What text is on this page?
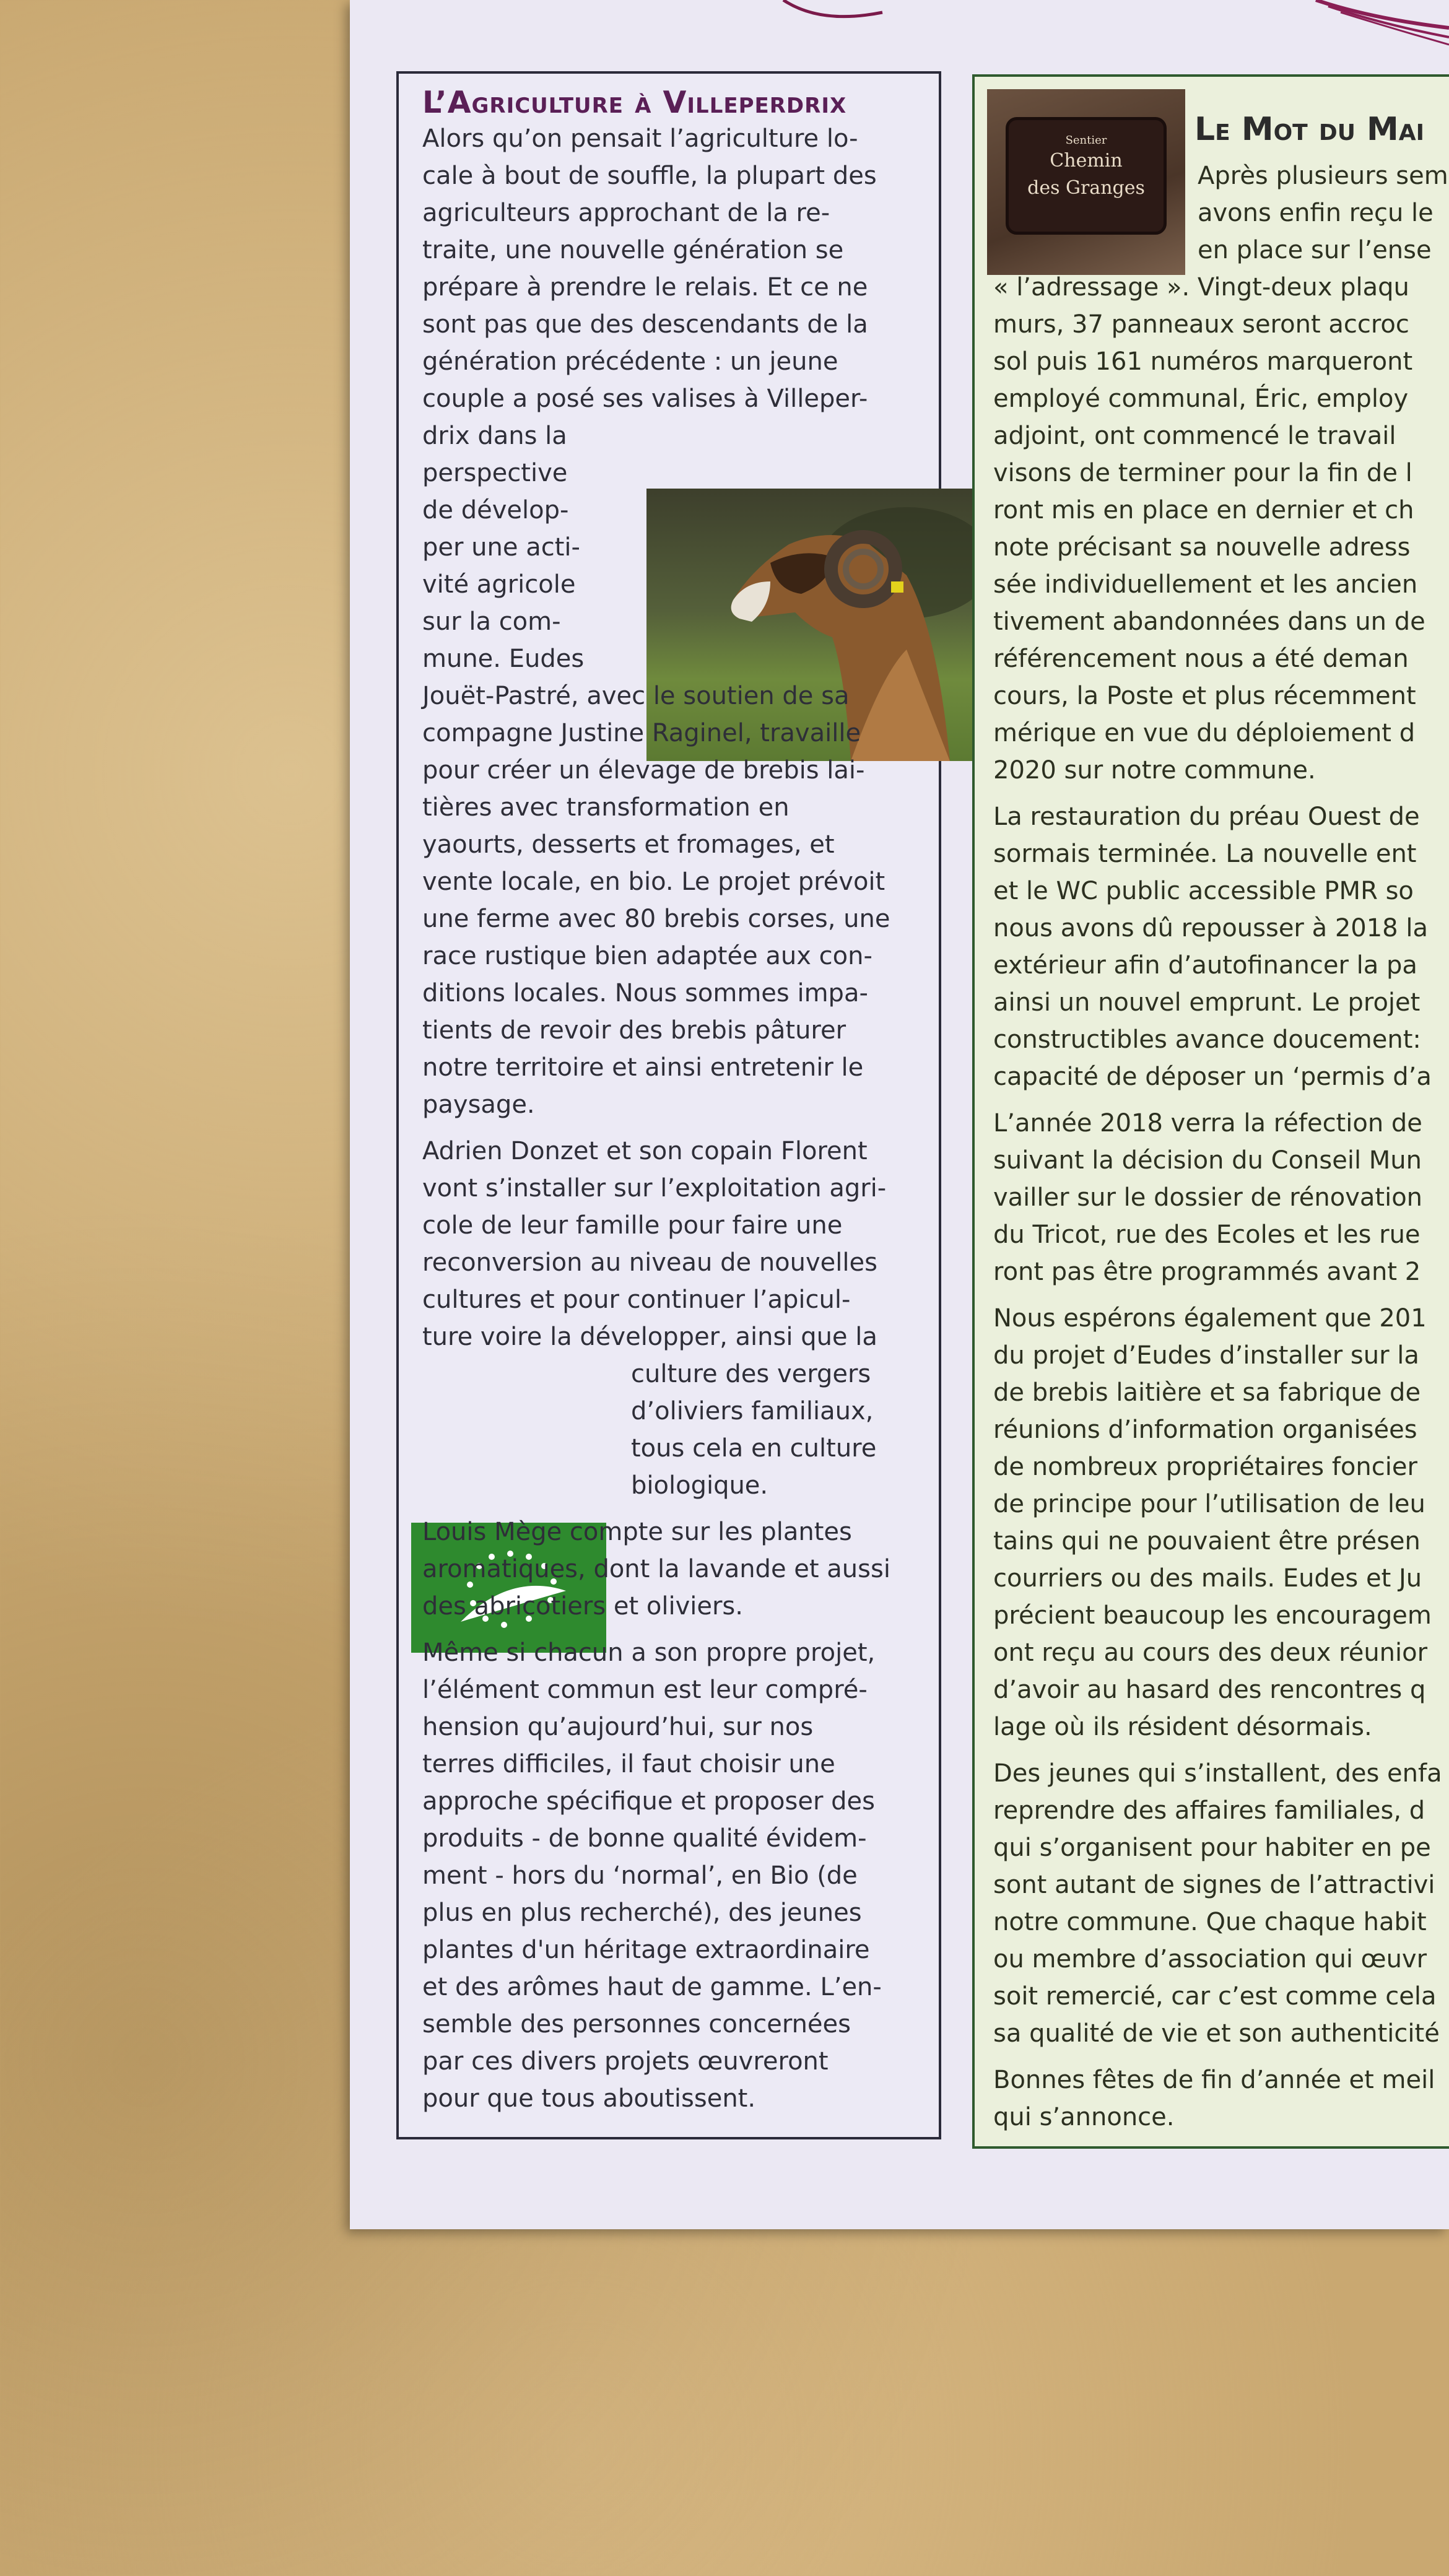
L’Agriculture à Villeperdrix

Alors qu’on pensait l’agriculture lo-

cale à bout de souffle, la plupart des

agriculteurs approchant de la re-

traite, une nouvelle génération se

prépare à prendre le relais. Et ce ne

sont pas que des descendants de la

génération précédente : un jeune

couple a posé ses valises à Villeper-

drix dans la

perspective

de dévelop-

per une acti-

vité agricole

sur la com-

mune. Eudes

Jouët-Pastré, avec le soutien de sa

compagne Justine Raginel, travaille

pour créer un élevage de brebis lai-

tières avec transformation en

yaourts, desserts et fromages, et

vente locale, en bio. Le projet prévoit

une ferme avec 80 brebis corses, une

race rustique bien adaptée aux con-

ditions locales. Nous sommes impa-

tients de revoir des brebis pâturer

notre territoire et ainsi entretenir le

paysage.

Adrien Donzet et son copain Florent

vont s’installer sur l’exploitation agri-

cole de leur famille pour faire une

reconversion au niveau de nouvelles

cultures et pour continuer l’apicul-

ture voire la développer, ainsi que la

culture des vergers

d’oliviers familiaux,

tous cela en culture

biologique.

Louis Mège compte sur les plantes

aromatiques, dont la lavande et aussi

des abricotiers et oliviers.

Même si chacun a son propre projet,

l’élément commun est leur compré-

hension qu’aujourd’hui, sur nos

terres difficiles, il faut choisir une

approche spécifique et proposer des

produits - de bonne qualité évidem-

ment - hors du ‘normal’, en Bio (de

plus en plus recherché), des jeunes

plantes d'un héritage extraordinaire

et des arômes haut de gamme. L’en-

semble des personnes concernées

par ces divers projets œuvreront

pour que tous aboutissent.

Sentier
Chemin
des Granges
Le Mot du Mai

Après plusieurs sem

avons enfin reçu le

en place sur l’ense

« l’adressage ». Vingt-deux plaqu

murs, 37 panneaux seront accroc

sol puis 161 numéros marqueront

employé communal, Éric, employ

adjoint, ont commencé le travail

visons de terminer pour la fin de l

ront mis en place en dernier et ch

note précisant sa nouvelle adress

sée individuellement et les ancien

tivement abandonnées dans un de

référencement nous a été deman

cours, la Poste et plus récemment

mérique en vue du déploiement d

2020 sur notre commune.

La restauration du préau Ouest de

sormais terminée. La nouvelle ent

et le WC public accessible PMR so

nous avons dû repousser à 2018 la

extérieur afin d’autofinancer la pa

ainsi un nouvel emprunt. Le projet

constructibles avance doucement:

capacité de déposer un ‘permis d’a

L’année 2018 verra la réfection de

suivant la décision du Conseil Mun

vailler sur le dossier de rénovation

du Tricot, rue des Ecoles et les rue

ront pas être programmés avant 2

Nous espérons également que 201

du projet d’Eudes d’installer sur la

de brebis laitière et sa fabrique de

réunions d’information organisées

de nombreux propriétaires foncier

de principe pour l’utilisation de leu

tains qui ne pouvaient être présen

courriers ou des mails. Eudes et Ju

précient beaucoup les encouragem

ont reçu au cours des deux réunior

d’avoir au hasard des rencontres q

lage où ils résident désormais.

Des jeunes qui s’installent, des enfa

reprendre des affaires familiales, d

qui s’organisent pour habiter en pe

sont autant de signes de l’attractivi

notre commune. Que chaque habit

ou membre d’association qui œuvr

soit remercié, car c’est comme cela

sa qualité de vie et son authenticité

Bonnes fêtes de fin d’année et meil

qui s’annonce.
